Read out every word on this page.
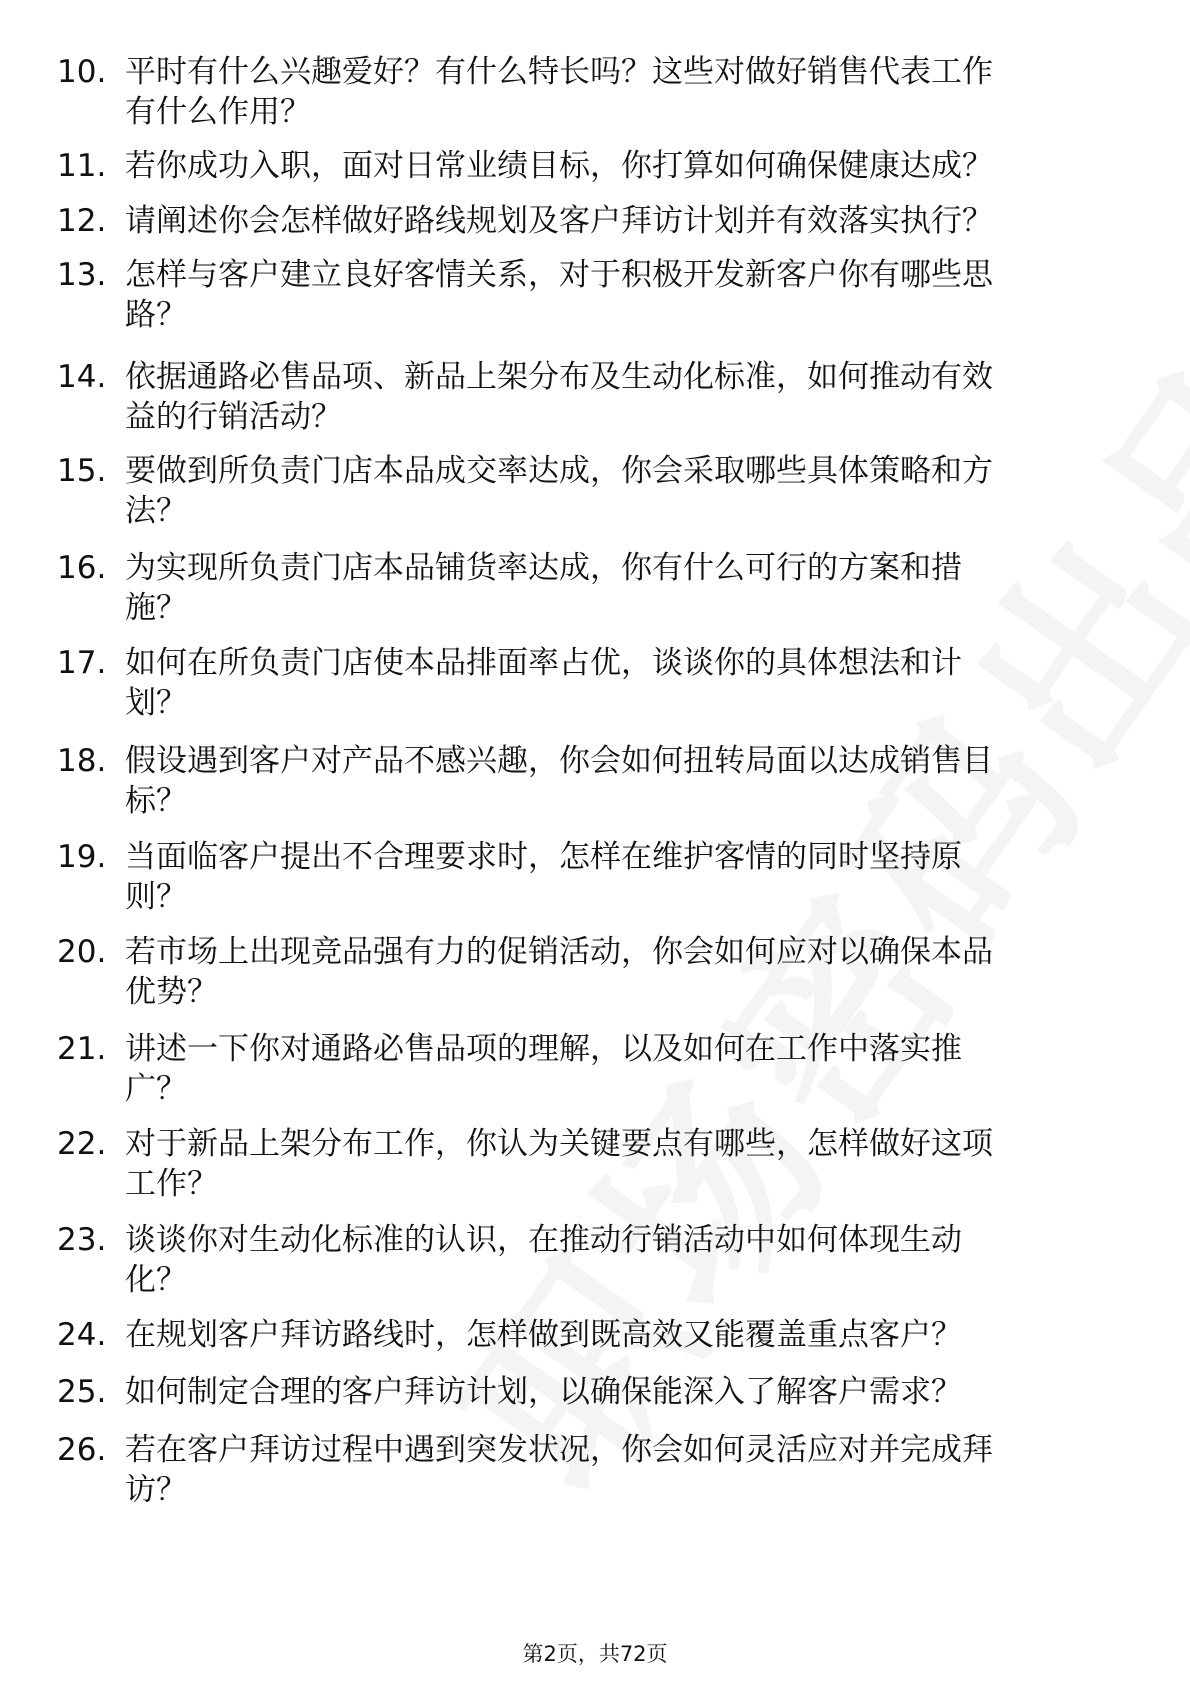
10. 平时有什么兴趣爱好？有什么特长吗？这些对做好销售代表工作
有什么作用？
11. 若你成功入职，面对日常业绩目标，你打算如何确保健康达成？
12. 请阐述你会怎样做好路线规划及客户拜访计划并有效落实执行？
13. 怎样与客户建立良好客情关系，对于积极开发新客户你有哪些思
路？
14. 依据通路必售品项、新品上架分布及生动化标准，如何推动有效
益的行销活动？
15. 要做到所负责门店本品成交率达成，你会采取哪些具体策略和方
法？
16. 为实现所负责门店本品铺货率达成，你有什么可行的方案和措
施？
17. 如何在所负责门店使本品排面率占优，谈谈你的具体想法和计
划？
18. 假设遇到客户对产品不感兴趣，你会如何扭转局面以达成销售目
标？
19. 当面临客户提出不合理要求时，怎样在维护客情的同时坚持原
则？
20. 若市场上出现竞品强有力的促销活动，你会如何应对以确保本品
优势？
21. 讲述一下你对通路必售品项的理解，以及如何在工作中落实推
广？
22. 对于新品上架分布工作，你认为关键要点有哪些，怎样做好这项
工作？
23. 谈谈你对生动化标准的认识，在推动行销活动中如何体现生动
化？
24. 在规划客户拜访路线时，怎样做到既高效又能覆盖重点客户？
25. 如何制定合理的客户拜访计划，以确保能深入了解客户需求？
26. 若在客户拜访过程中遇到突发状况，你会如何灵活应对并完成拜
访？
第2页，共72页
